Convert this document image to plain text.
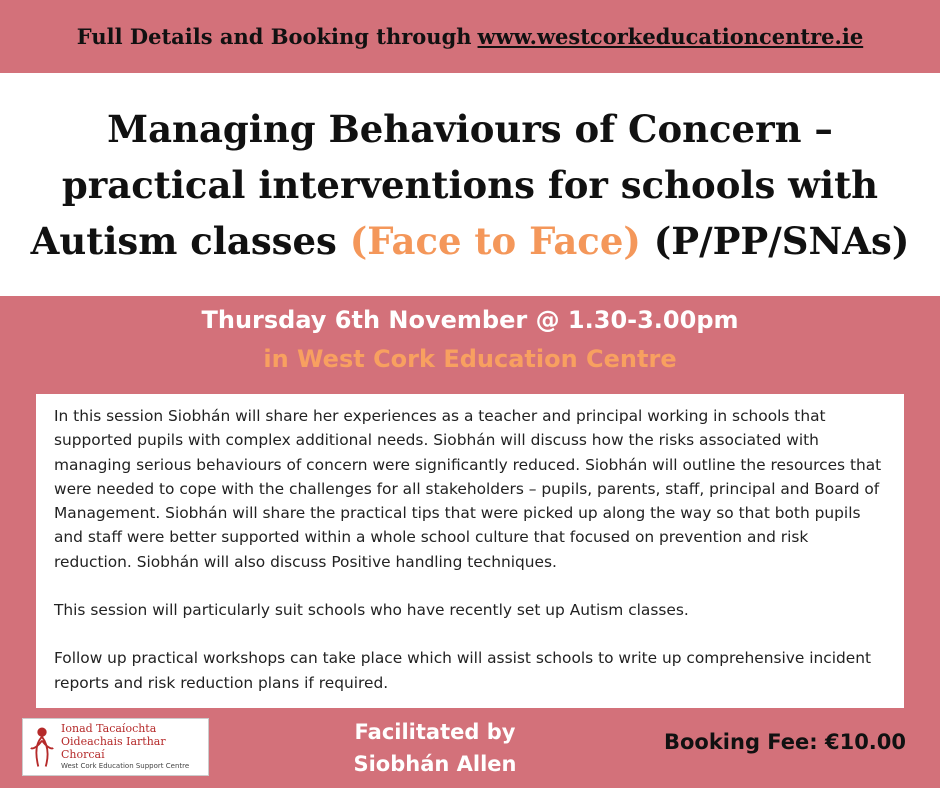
Full Details and Booking through www.westcorkeducationcentre.ie
Managing Behaviours of Concern –
practical interventions for schools with
Autism classes (Face to Face) (P/PP/SNAs)
Thursday 6th November @ 1.30-3.00pm
in West Cork Education Centre

In this session Siobhán will share her experiences as a teacher and principal working in schools that supported pupils with complex additional needs. Siobhán will discuss how the risks associated with managing serious behaviours of concern were significantly reduced. Siobhán will outline the resources that were needed to cope with the challenges for all stakeholders – pupils, parents, staff, principal and Board of Management. Siobhán will share the practical tips that were picked up along the way so that both pupils and staff were better supported within a whole school culture that focused on prevention and risk reduction. Siobhán will also discuss Positive handling techniques.

This session will particularly suit schools who have recently set up Autism classes.

Follow up practical workshops can take place which will assist schools to write up comprehensive incident reports and risk reduction plans if required.

Ionad Tacaíochta
Oideachais Iarthar Chorcaí
West Cork Education Support Centre
Facilitated by
Siobhán Allen
Booking Fee: €10.00
